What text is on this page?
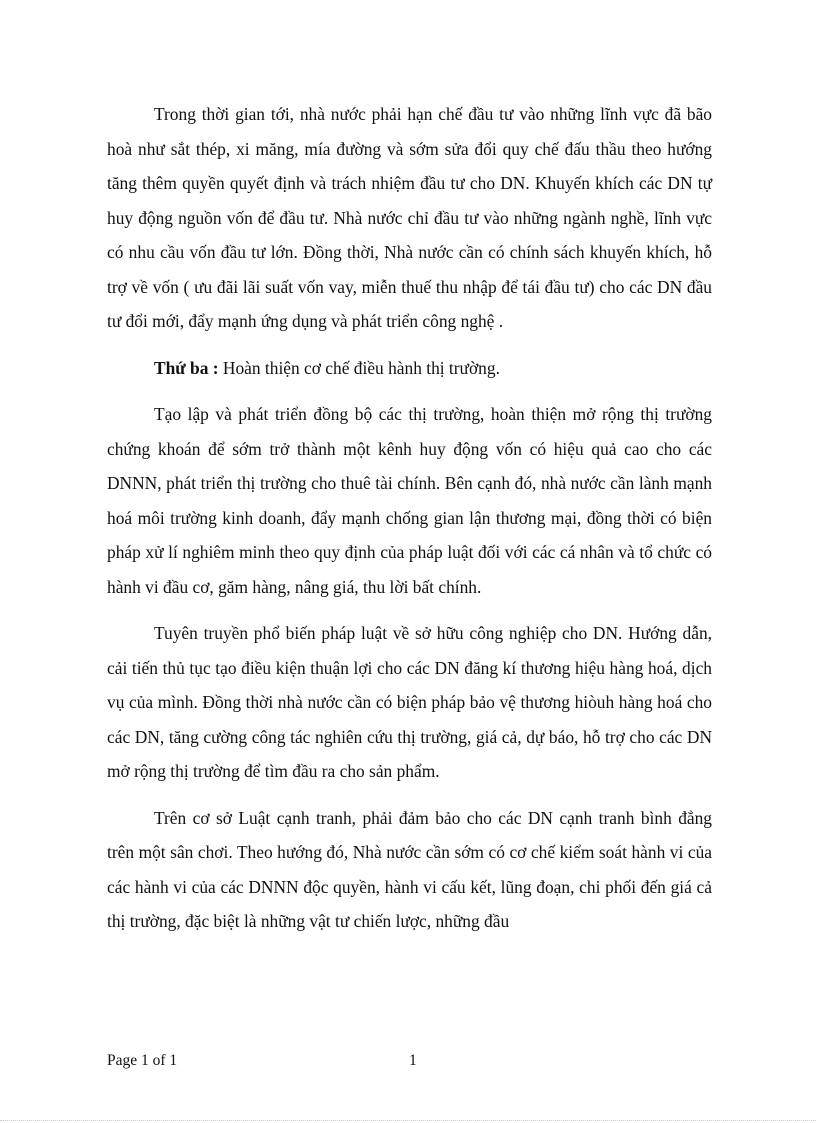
Trong thời gian tới, nhà nước phải hạn chế đầu tư vào những lĩnh vực đã bão hoà như sắt thép, xi măng, mía đường và sớm sửa đổi quy chế đấu thầu theo hướng tăng thêm quyền quyết định và trách nhiệm đầu tư cho DN. Khuyến khích các DN tự huy động nguồn vốn để đầu tư. Nhà nước chỉ đầu tư vào những ngành nghề, lĩnh vực có nhu cầu vốn đầu tư lớn. Đồng thời, Nhà nước cần có chính sách khuyến khích, hỗ trợ về vốn ( ưu đãi lãi suất vốn vay, miễn thuế thu nhập để tái đầu tư) cho các DN đầu tư đổi mới, đẩy mạnh ứng dụng và phát triển công nghệ .

Thứ ba : Hoàn thiện cơ chế điều hành thị trường.

Tạo lập và phát triển đồng bộ các thị trường, hoàn thiện mở rộng thị trường chứng khoán để sớm trở thành một kênh huy động vốn có hiệu quả cao cho các DNNN, phát triển thị trường cho thuê tài chính. Bên cạnh đó, nhà nước cần lành mạnh hoá môi trường kinh doanh, đẩy mạnh chống gian lận thương mại, đồng thời có biện pháp xử lí nghiêm minh theo quy định của pháp luật đối với các cá nhân và tổ chức có hành vi đầu cơ, găm hàng, nâng giá, thu lời bất chính.

Tuyên truyền phổ biến pháp luật về sở hữu công nghiệp cho DN. Hướng dẫn, cải tiến thủ tục tạo điều kiện thuận lợi cho các DN đăng kí thương hiệu hàng hoá, dịch vụ của mình. Đồng thời nhà nước cần có biện pháp bảo vệ thương hiòuh hàng hoá cho các DN, tăng cường công tác nghiên cứu thị trường, giá cả, dự báo, hỗ trợ cho các DN mở rộng thị trường để tìm đầu ra cho sản phẩm.

Trên cơ sở Luật cạnh tranh, phải đảm bảo cho các DN cạnh tranh bình đẳng trên một sân chơi. Theo hướng đó, Nhà nước cần sớm có cơ chế kiểm soát hành vi của các hành vi của các DNNN độc quyền, hành vi cấu kết, lũng đoạn, chi phối đến giá cả thị trường, đặc biệt là những vật tư chiến lược, những đầu

Page 1 of 1	1
